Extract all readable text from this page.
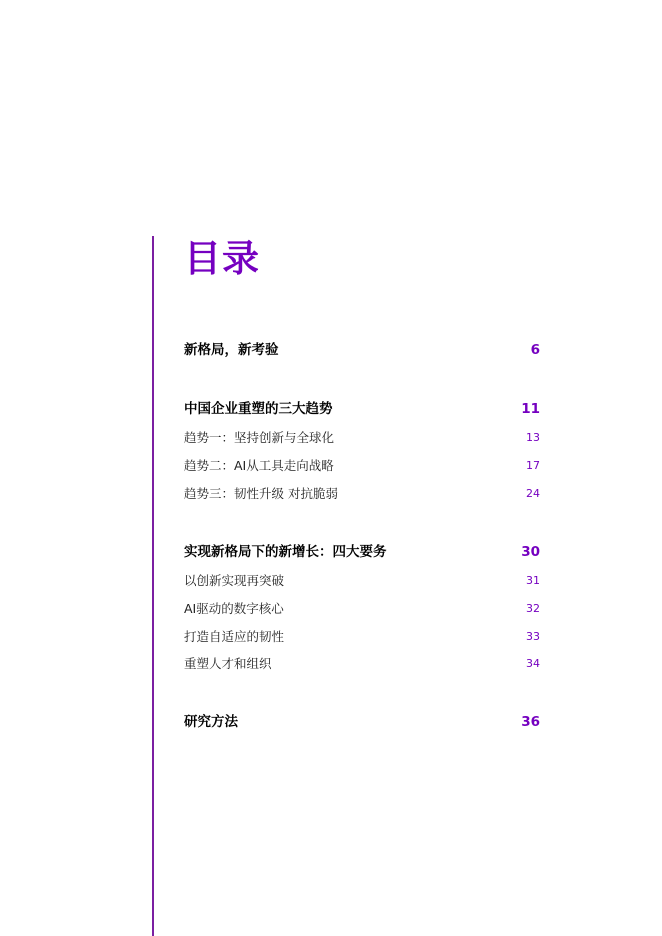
目录
新格局，新考验	6
中国企业重塑的三大趋势	11
趋势一：坚持创新与全球化	13
趋势二：AI从工具走向战略	17
趋势三：韧性升级 对抗脆弱	24
实现新格局下的新增长：四大要务	30
以创新实现再突破	31
AI驱动的数字核心	32
打造自适应的韧性	33
重塑人才和组织	34
研究方法	36
